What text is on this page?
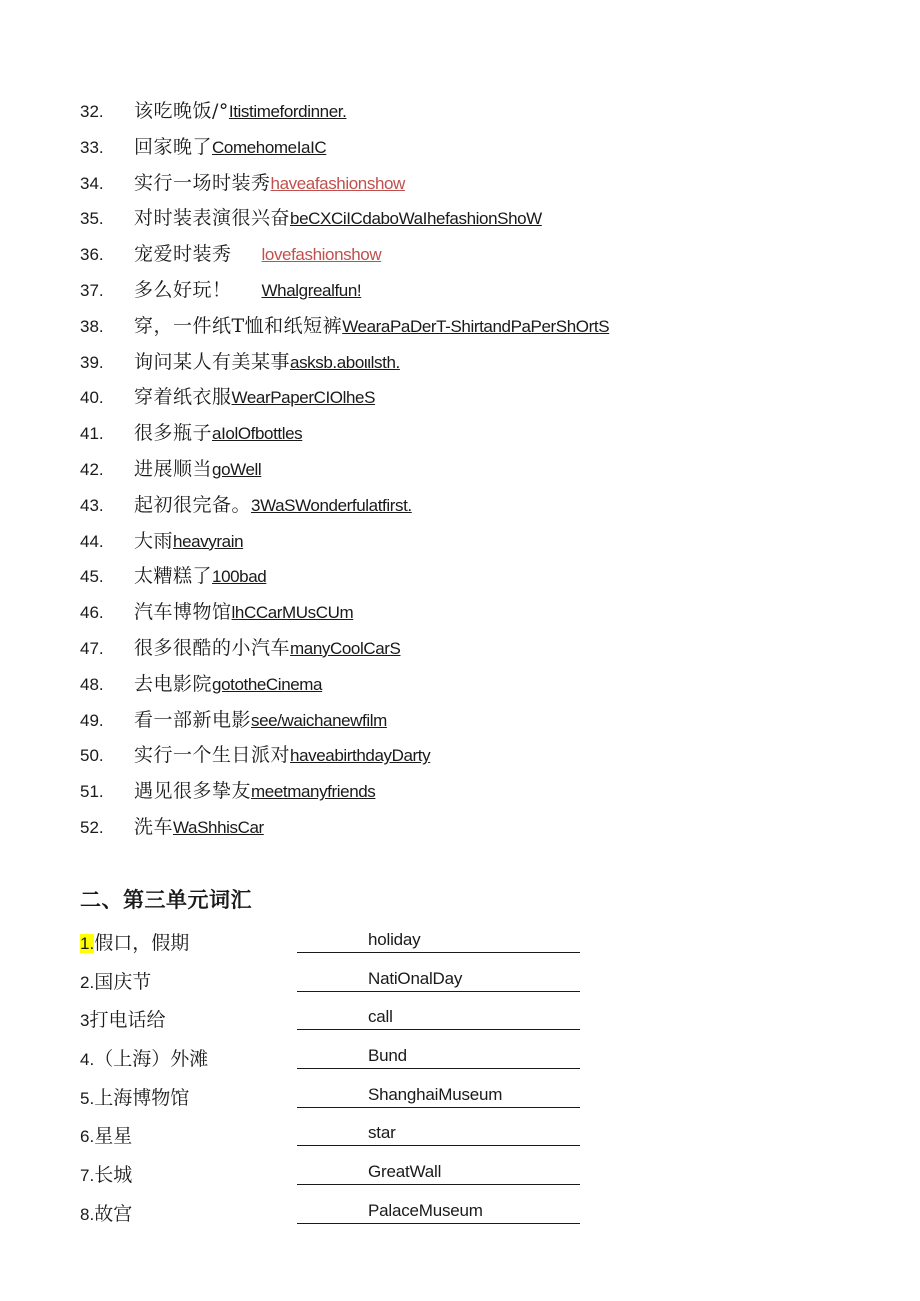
32. 该吃晚饭/°Itistimefordinner.
33. 回家晚了ComehomeIaIC
34. 实行一场时装秀haveafashionshow
35. 对时装表演很兴奋beCXCiICdaboWaIhefashionShoW
36. 宠爱时装秀 lovefashionshow
37. 多么好玩！ Whalgrealfun!
38. 穿，一件纸T恤和纸短裤WearaPaDerT-ShirtandPaPerShOrtS
39. 询问某人有美某事asksb.aboιιlsth.
40. 穿着纸衣服WearPaperCIOlheS
41. 很多瓶子aIolOfbottles
42. 进展顺当goWell
43. 起初很完备。3WaSWonderfulatfirst.
44. 大雨heavyrain
45. 太糟糕了100bad
46. 汽车博物馆lhCCarMUsCUm
47. 很多很酷的小汽车manyCoolCarS
48. 去电影院gototheCinema
49. 看一部新电影see/waichanewfilm
50. 实行一个生日派对haveabirthdayDarty
51. 遇见很多挚友meetmanyfriends
52. 洗车WaShhisCar
二、第三单元词汇
1.假口，假期	holiday
2.国庆节	NatiOnalDay
3打电话给	call
4.（上海）外滩	Bund
5.上海博物馆	ShanghaiMuseum
6.星星	star
7.长城	GreatWall
8.故宫	PalaceMuseum
